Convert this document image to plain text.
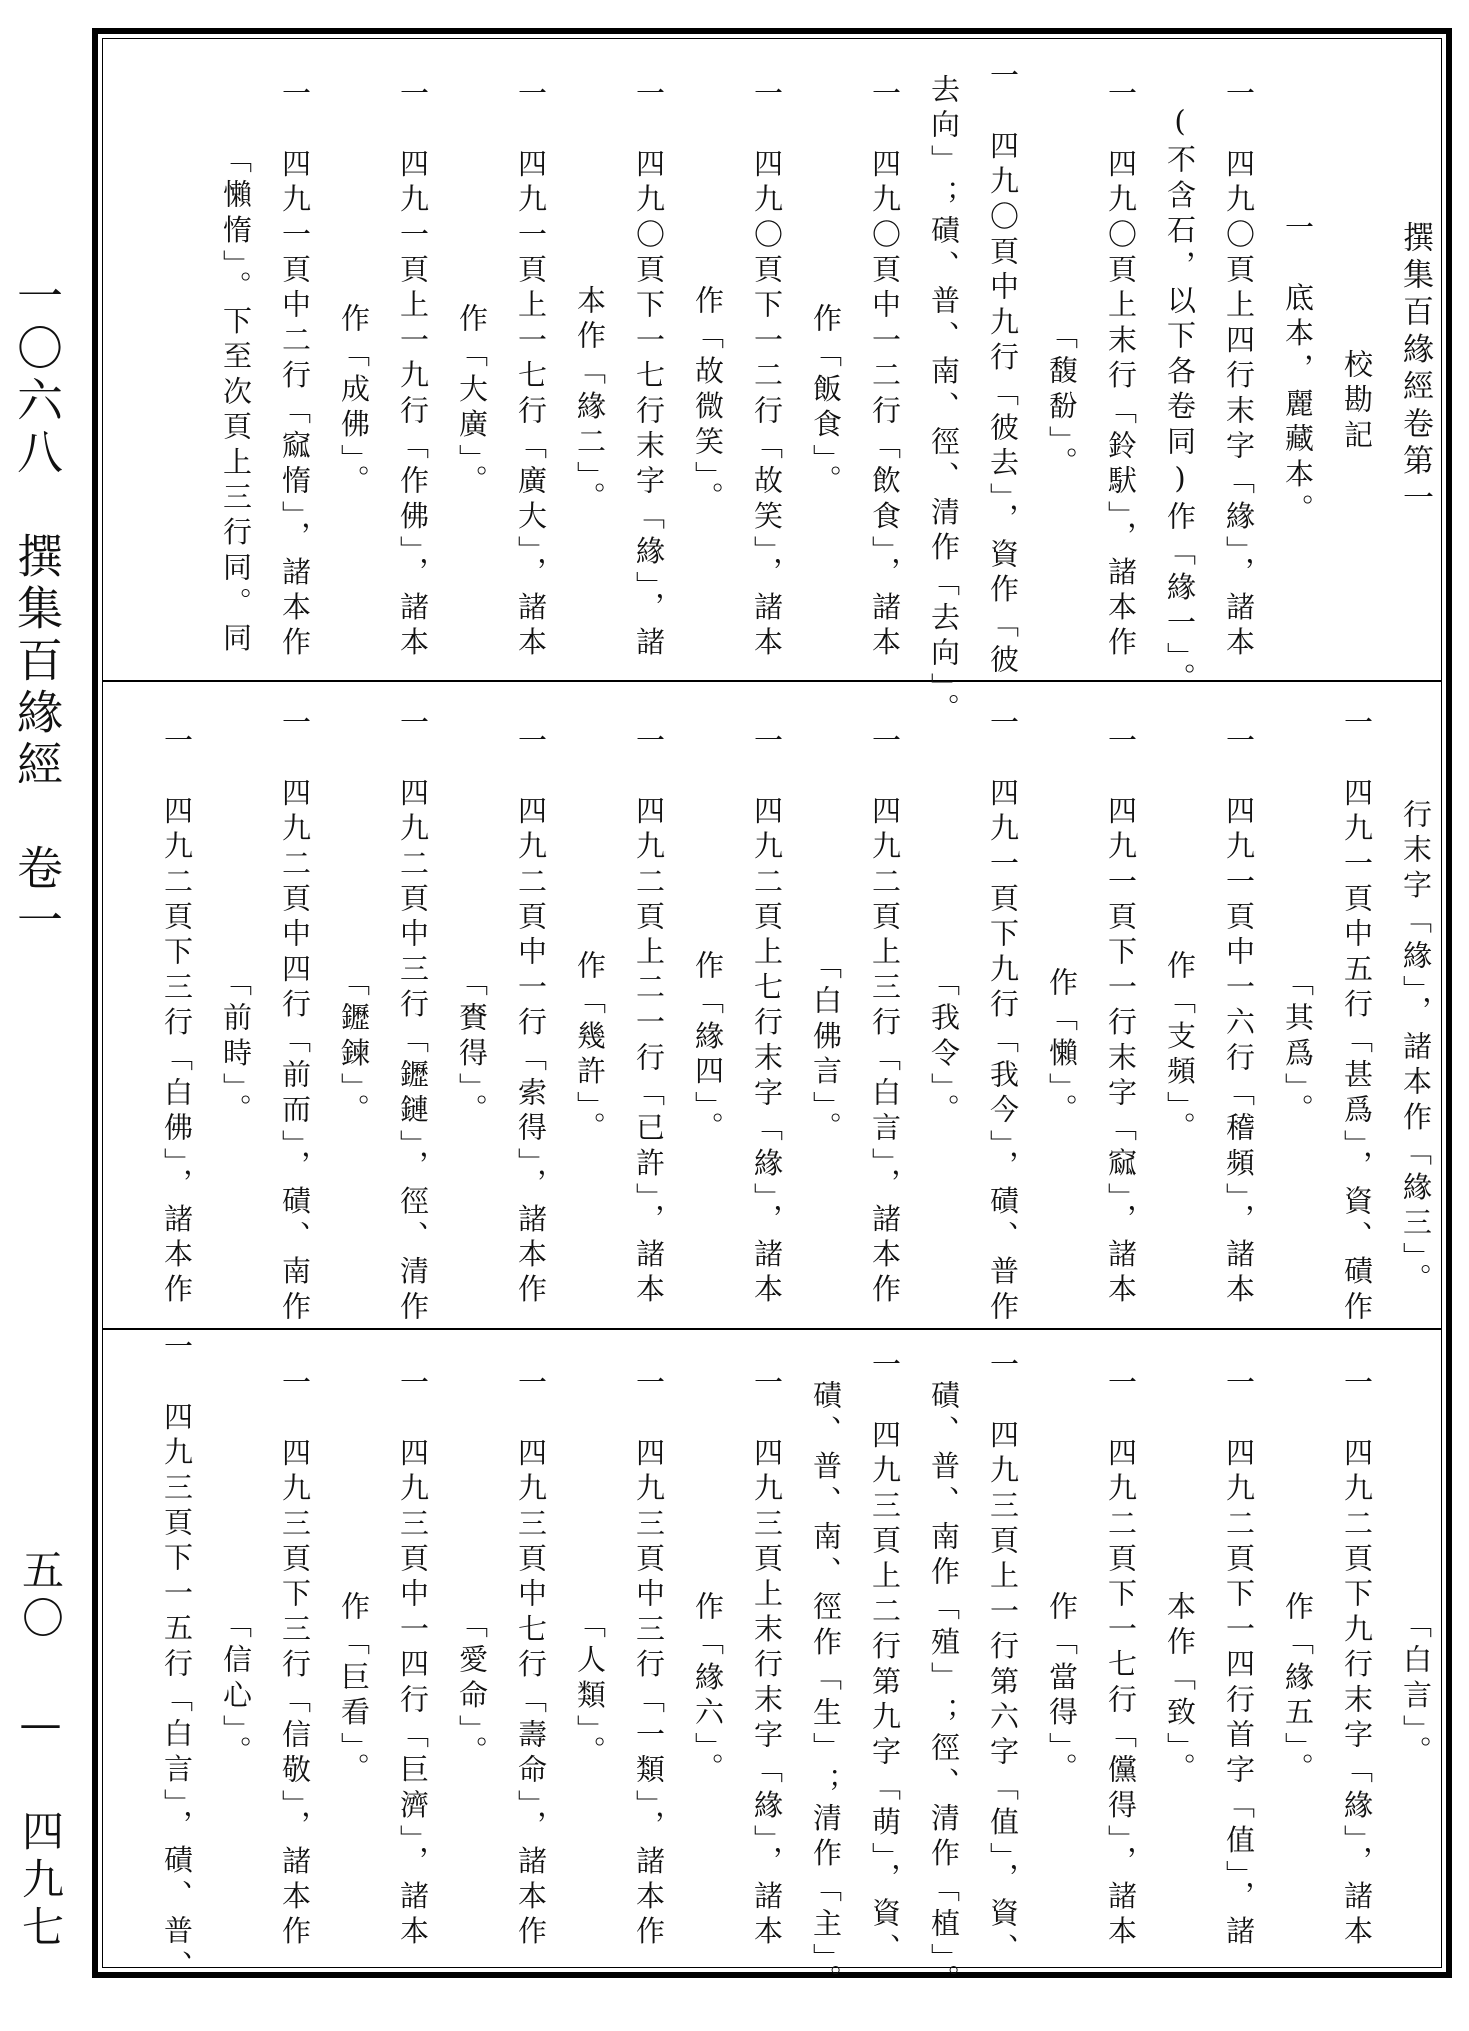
一〇六八　撰集百緣經　卷一
五〇 — 四九七
撰集百緣經卷第一
校勘記
一　底本，麗藏本。
一　四九〇頁上四行末字「緣」，諸本
(不含石，以下各卷同)作「緣一」。
一　四九〇頁上末行「鈴䭾」，諸本作
「馥馚」。
一　四九〇頁中九行「彼去」，資作「彼
去向」；磧、普、南、徑、清作「去向」。
一　四九〇頁中一二行「飲食」，諸本
作「飯食」。
一　四九〇頁下一二行「故笑」，諸本
作「故微笑」。
一　四九〇頁下一七行末字「緣」，諸
本作「緣二」。
一　四九一頁上一七行「廣大」，諸本
作「大廣」。
一　四九一頁上一九行「作佛」，諸本
作「成佛」。
一　四九一頁中二行「窳惰」，諸本作
「懶惰」。下至次頁上三行同。同
行末字「緣」，諸本作「緣三」。
一　四九一頁中五行「甚爲」，資、磧作
「其爲」。
一　四九一頁中一六行「稽頻」，諸本
作「支頻」。
一　四九一頁下一行末字「窳」，諸本
作「懶」。
一　四九一頁下九行「我今」，磧、普作
「我令」。
一　四九二頁上三行「白言」，諸本作
「白佛言」。
一　四九二頁上七行末字「緣」，諸本
作「緣四」。
一　四九二頁上二一行「已許」，諸本
作「幾許」。
一　四九二頁中一行「索得」，諸本作
「賚得」。
一　四九二頁中三行「䥶鏈」，徑、清作
「䥶鍊」。
一　四九二頁中四行「前而」，磧、南作
「前時」。
一　四九二頁下三行「白佛」，諸本作
「白言」。
一　四九二頁下九行末字「緣」，諸本
作「緣五」。
一　四九二頁下一四行首字「值」，諸
本作「致」。
一　四九二頁下一七行「儻得」，諸本
作「當得」。
一　四九三頁上一行第六字「值」，資、
磧、普、南作「殖」；徑、清作「植」。
一　四九三頁上二行第九字「萌」，資、
磧、普、南、徑作「生」；清作「主」。
一　四九三頁上末行末字「緣」，諸本
作「緣六」。
一　四九三頁中三行「一類」，諸本作
「人類」。
一　四九三頁中七行「壽命」，諸本作
「愛命」。
一　四九三頁中一四行「巨濟」，諸本
作「巨看」。
一　四九三頁下三行「信敬」，諸本作
「信心」。
一　四九三頁下一五行「白言」，磧、普、
